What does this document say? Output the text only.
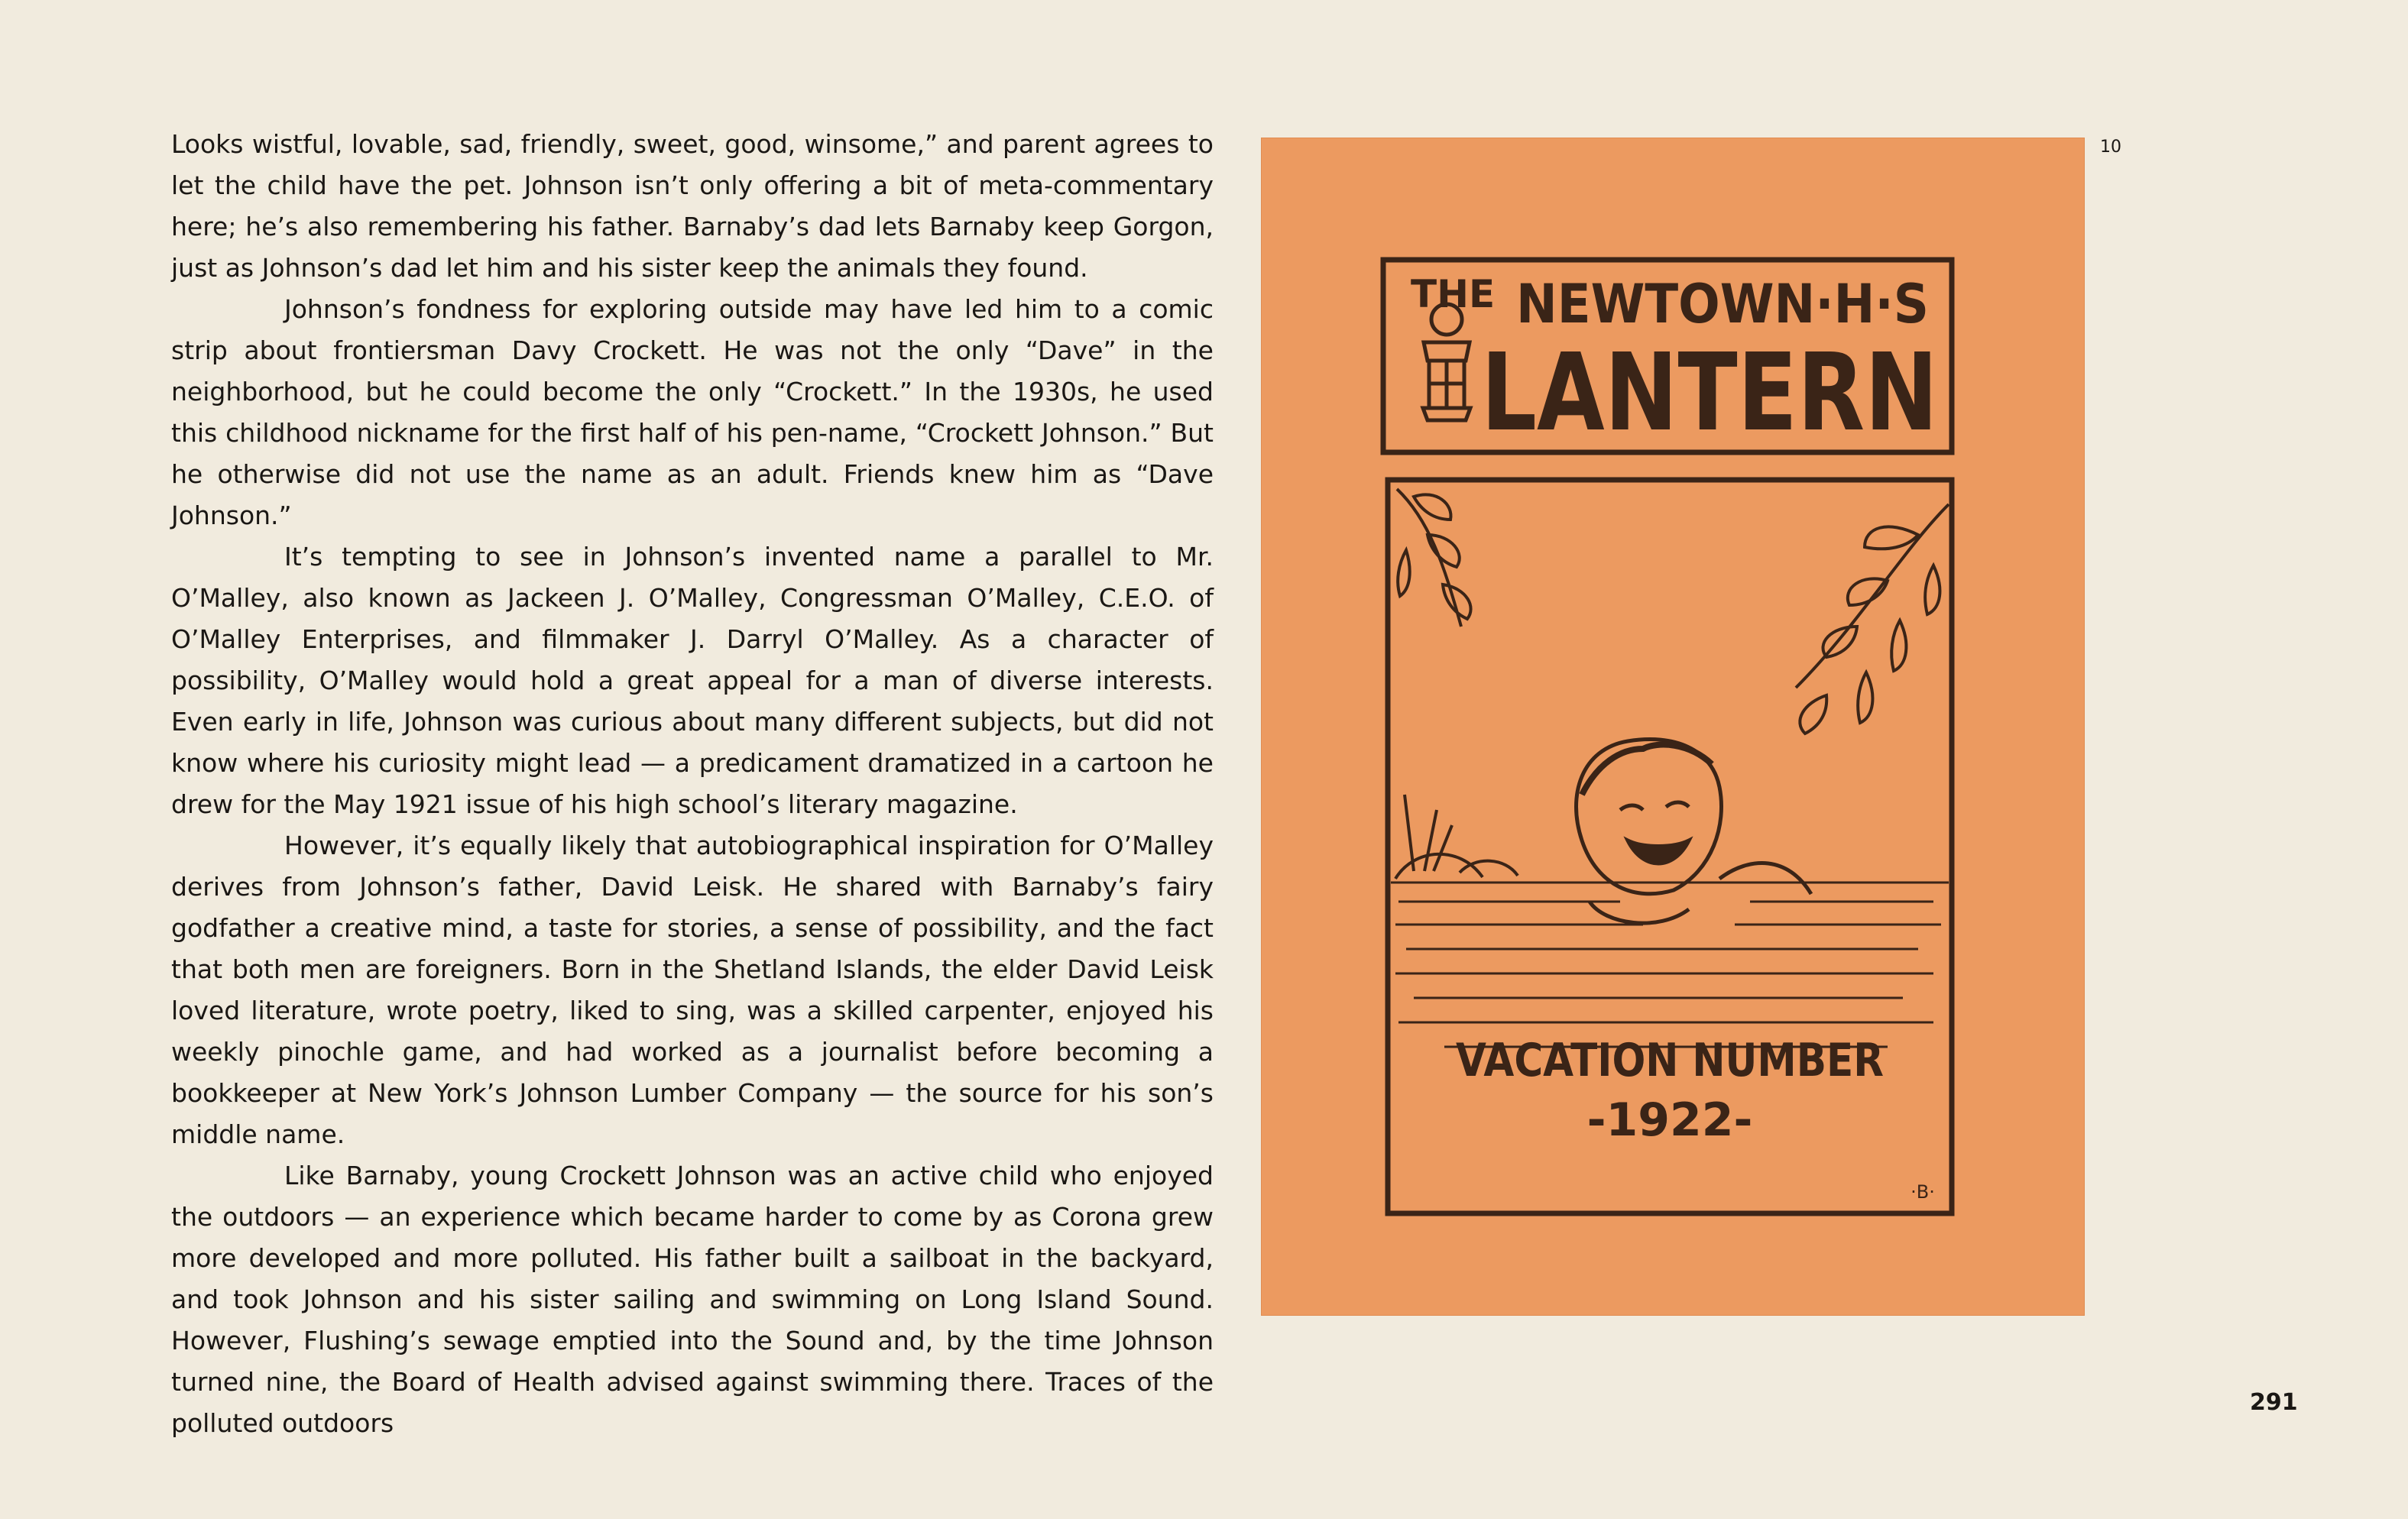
Looks wistful, lovable, sad, friendly, sweet, good, winsome,” and parent agrees to let the child have the pet. Johnson isn’t only offering a bit of meta-commentary here; he’s also remembering his father. Barnaby’s dad lets Barnaby keep Gorgon, just as Johnson’s dad let him and his sister keep the animals they found.

Johnson’s fondness for exploring outside may have led him to a comic strip about frontiersman Davy Crockett. He was not the only “Dave” in the neighborhood, but he could become the only “Crockett.” In the 1930s, he used this childhood nickname for the first half of his pen-name, “Crockett Johnson.” But he otherwise did not use the name as an adult. Friends knew him as “Dave Johnson.”

It’s tempting to see in Johnson’s invented name a parallel to Mr. O’Malley, also known as Jackeen J. O’Malley, Congressman O’Malley, C.E.O. of O’Malley Enterprises, and filmmaker J. Darryl O’Malley. As a character of possibility, O’Malley would hold a great appeal for a man of diverse interests. Even early in life, Johnson was curious about many different subjects, but did not know where his curiosity might lead — a predicament dramatized in a cartoon he drew for the May 1921 issue of his high school’s literary magazine.

However, it’s equally likely that autobiographical inspiration for O’Malley derives from Johnson’s father, David Leisk. He shared with Barnaby’s fairy godfather a creative mind, a taste for stories, a sense of possibility, and the fact that both men are foreigners. Born in the Shetland Islands, the elder David Leisk loved literature, wrote poetry, liked to sing, was a skilled carpenter, enjoyed his weekly pinochle game, and had worked as a journalist before becoming a bookkeeper at New York’s Johnson Lumber Company — the source for his son’s middle name.

Like Barnaby, young Crockett Johnson was an active child who enjoyed the outdoors — an experience which became harder to come by as Corona grew more developed and more polluted. His father built a sailboat in the backyard, and took Johnson and his sister sailing and swimming on Long Island Sound. However, Flushing’s sewage emptied into the Sound and, by the time Johnson turned nine, the Board of Health advised against swimming there. Traces of the polluted outdoors

THE NEWTOWN·H·S
LANTERN
VACATION NUMBER
-1922-
·B·
10
291
